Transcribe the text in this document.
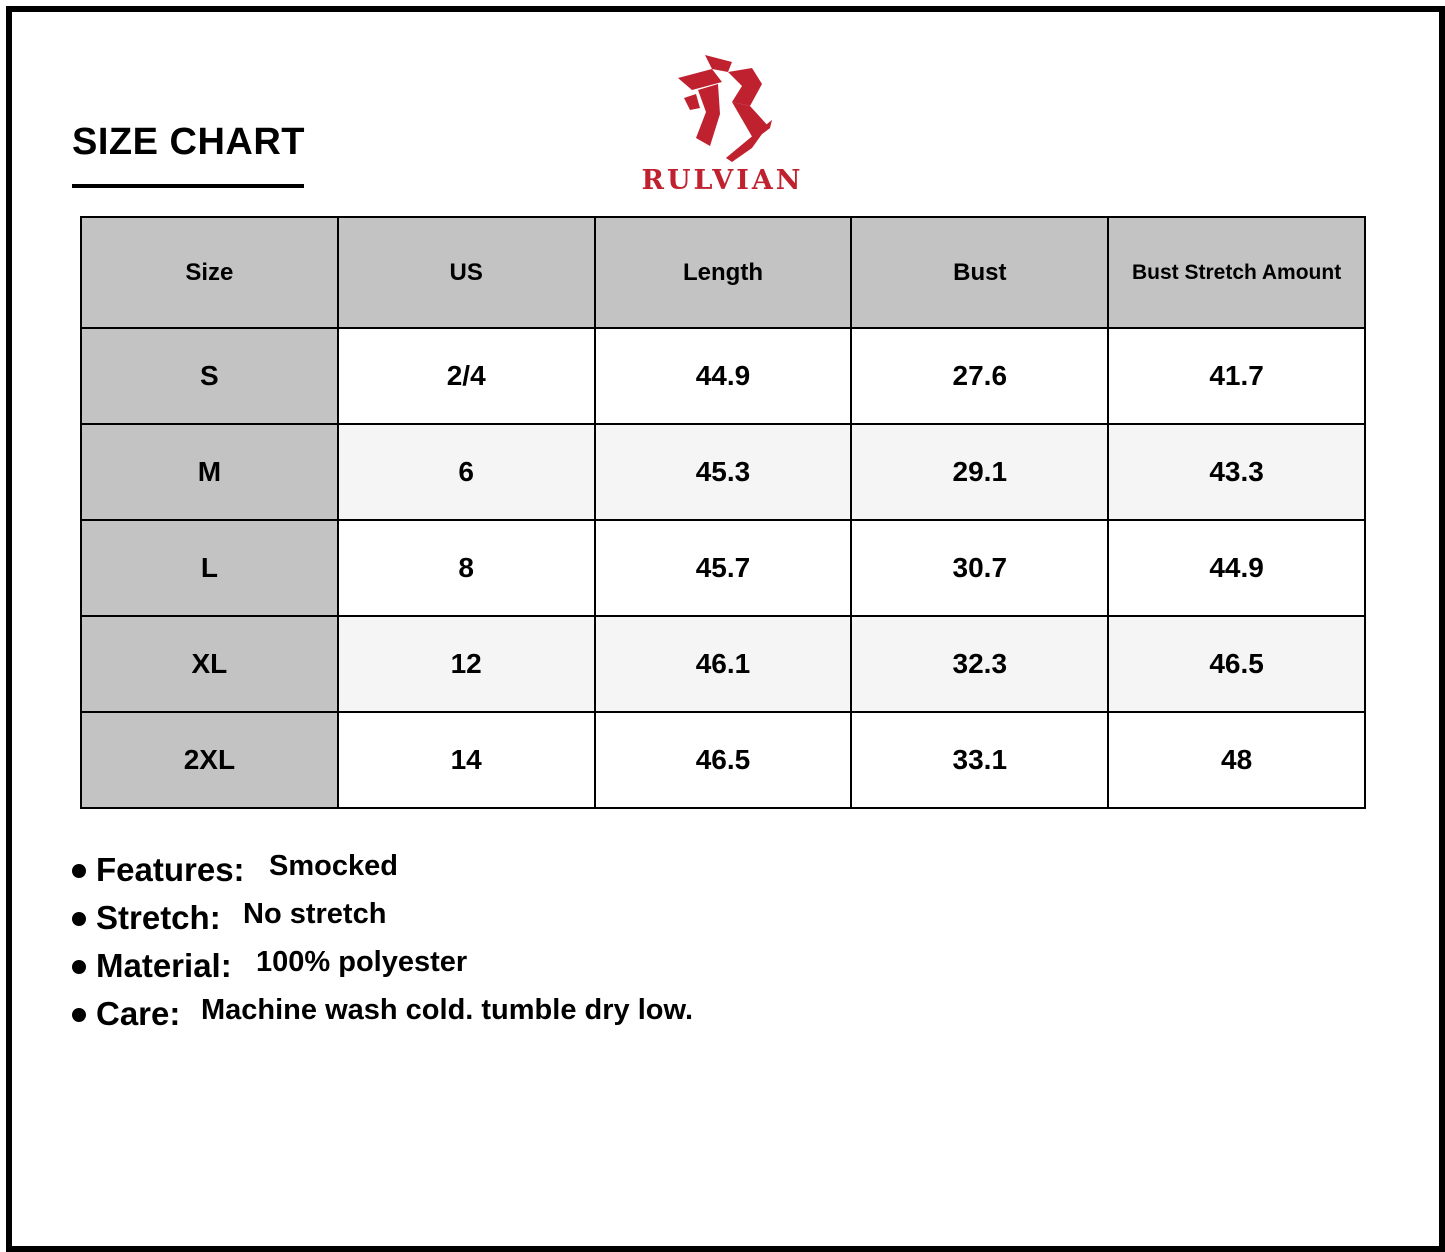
SIZE CHART
RULVIAN
Size	US	Length	Bust	Bust Stretch Amount
S	2/4	44.9	27.6	41.7
M	6	45.3	29.1	43.3
L	8	45.7	30.7	44.9
XL	12	46.1	32.3	46.5
2XL	14	46.5	33.1	48
Features: Smocked
Stretch: No stretch
Material: 100% polyester
Care: Machine wash cold. tumble dry low.
